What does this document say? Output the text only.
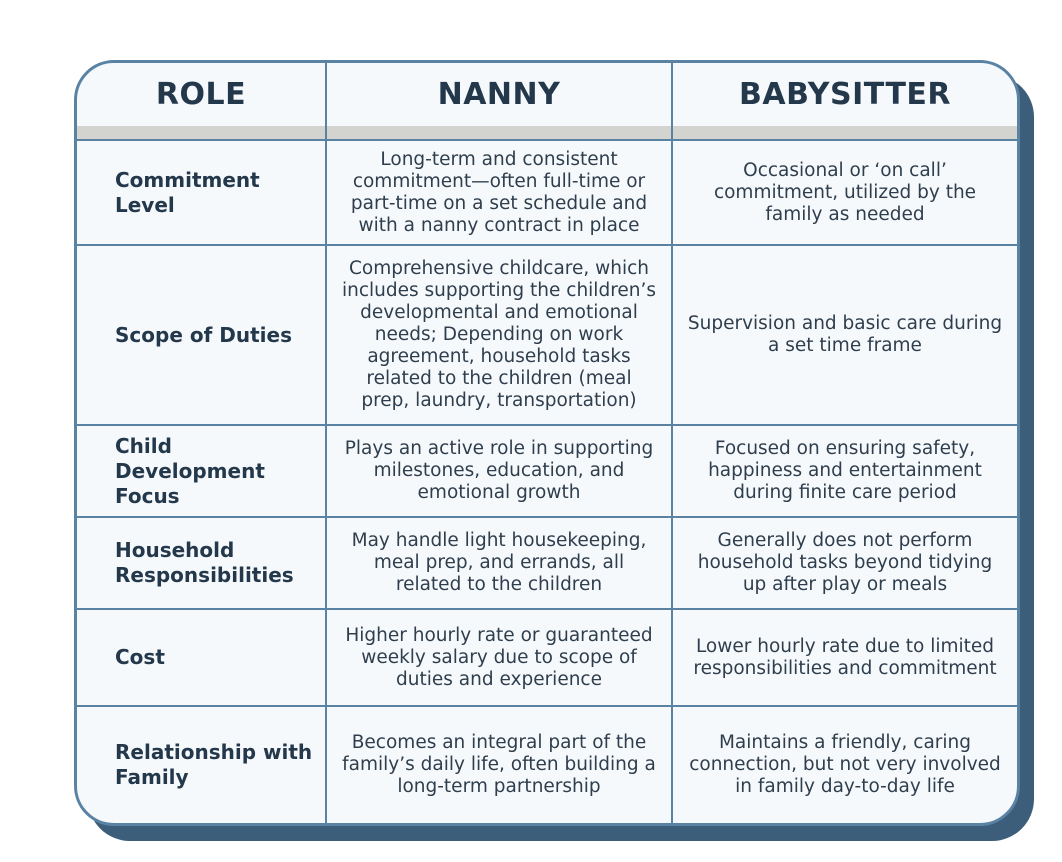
ROLE	NANNY	BABYSITTER
Commitment Level
Long-term and consistent commitment—often full-time or part-time on a set schedule and with a nanny contract in place
Occasional or ‘on call’ commitment, utilized by the family as needed
Scope of Duties
Comprehensive childcare, which includes supporting the children’s developmental and emotional needs; Depending on work agreement, household tasks related to the children (meal prep, laundry, transportation)
Supervision and basic care during a set time frame
Child Development Focus
Plays an active role in supporting milestones, education, and emotional growth
Focused on ensuring safety, happiness and entertainment during finite care period
Household Responsibilities
May handle light housekeeping, meal prep, and errands, all related to the children
Generally does not perform household tasks beyond tidying up after play or meals
Cost
Higher hourly rate or guaranteed weekly salary due to scope of duties and experience
Lower hourly rate due to limited responsibilities and commitment
Relationship with Family
Becomes an integral part of the family’s daily life, often building a long-term partnership
Maintains a friendly, caring connection, but not very involved in family day-to-day life
